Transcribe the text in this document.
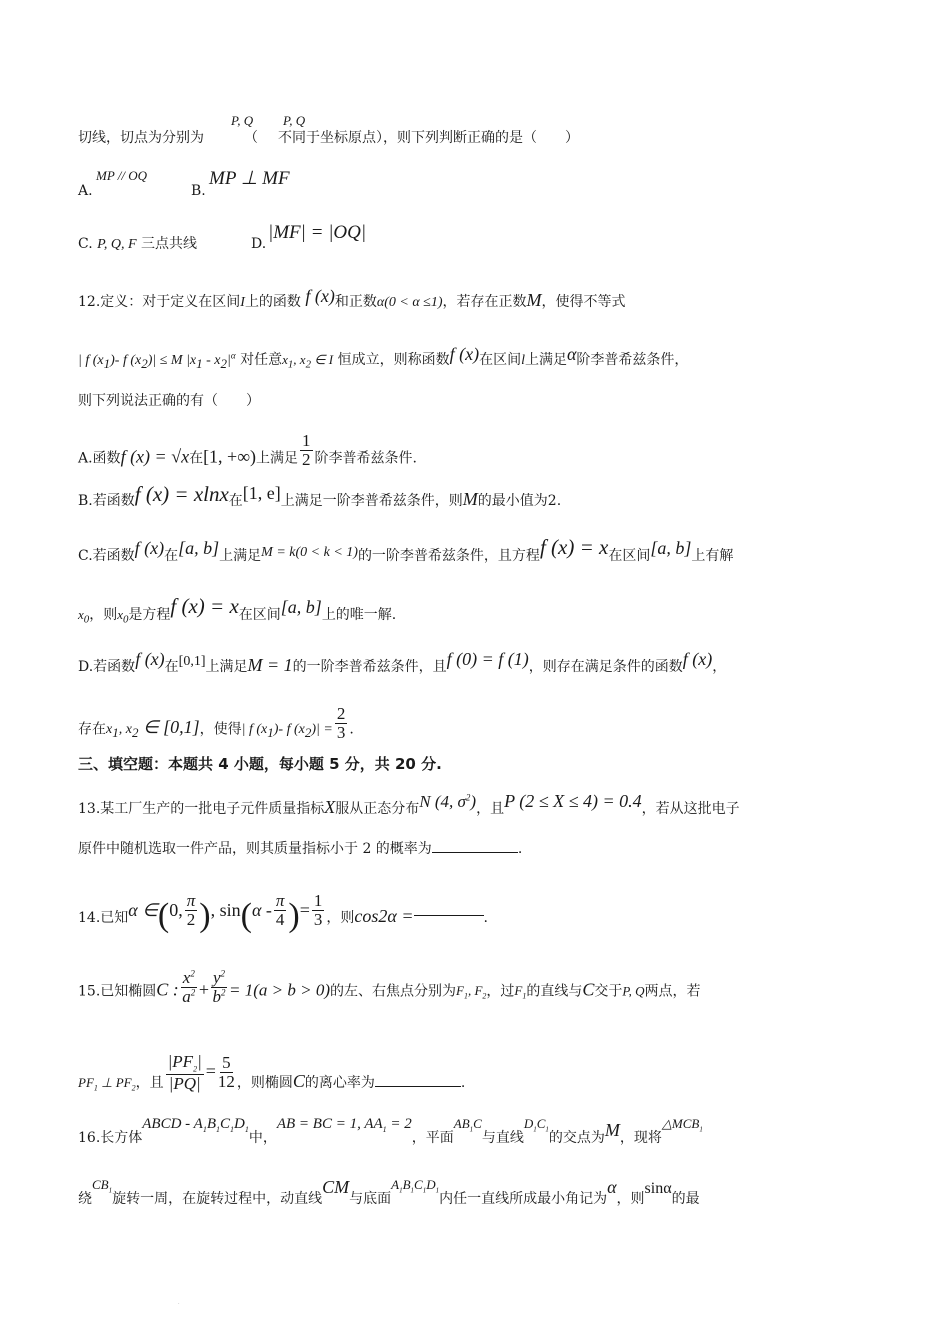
P, Q P, Q
切线，切点为分别为	（ 不同于坐标原点），则下列判断正确的是（　　）
MP // OQ
A.	B.
MP ⊥ MF
C. P, Q, F 三点共线	D.
|MF| = |OQ|
12.定义：对于定义在区间I上的函数 f (x)和正数α(0 < α ≤1)，若存在正数M，使得不等式
| f $(x_1)-$ f $(x_2)| \le M$ $|x_1 - x_2|^\alpha$ 对任意$x_1$, $x_2$ ∈ I 恒成立，则称函数f (x)在区间l上满足α阶李普希兹条件，
则下列说法正确的有（　　）
A.函数f (x) = √x在[1, +∞)上满足 $\frac{1}{2}$ 阶李普希兹条件.
B.若函数f (x) = xlnx在[1, e]上满足一阶李普希兹条件，则M的最小值为2.
C.若函数f (x)在[a, b]上满足M = k(0 < k < 1)的一阶李普希兹条件，且方程f (x) = x在区间[a, b]上有解
$x_0$，则$x_0$是方程f (x) = x在区间[a, b]上的唯一解.
D.若函数f (x)在[0,1]上满足M = 1的一阶李普希兹条件，且f (0) = f (1)，则存在满足条件的函数f (x)，
存在$x_1$, $x_2$ ∈ [0,1]，使得| f $(x_1)-$ f $(x_2)| = \frac{2}{3}$ .
三、填空题：本题共 4 小题，每小题 5 分，共 20 分.
13.某工厂生产的一批电子元件质量指标X服从正态分布N (4, $\sigma^2$)，且P (2 ≤ X ≤ 4) = 0.4，若从这批电子
原件中随机选取一件产品，则其质量指标小于 2 的概率为	.
14.已知α ∈(0, $\frac{\pi}{2}$ ), $\sin(\alpha - \frac{\pi}{4}$ )= $\frac{1}{3}$ ，则cos2α =	.
15.已知椭圆C : $\frac{x^2}{a^2} + \frac{y^2}{b^2} = 1(a > b > 0)$的左、右焦点分别为$F_1$, $F_2$，过$F_1$的直线与C交于P, Q两点，若
$PF_1$ ⊥ $PF_2$，且 $\frac{|PF_2|}{|PQ|} = \frac{5}{12}$ ，则椭圆C的离心率为	.
16.长方体ABCD - $A_1B_1C_1D_1$中，AB = BC = 1, $AA_1 = 2$，平面$AB_1C$与直线$D_1C_1$的交点为M，现将$\triangle MCB_1$
绕$CB_1$旋转一周，在旋转过程中，动直线CM与底面$A_1B_1C_1D_1$内任一直线所成最小角记为α，则sinα的最
.
